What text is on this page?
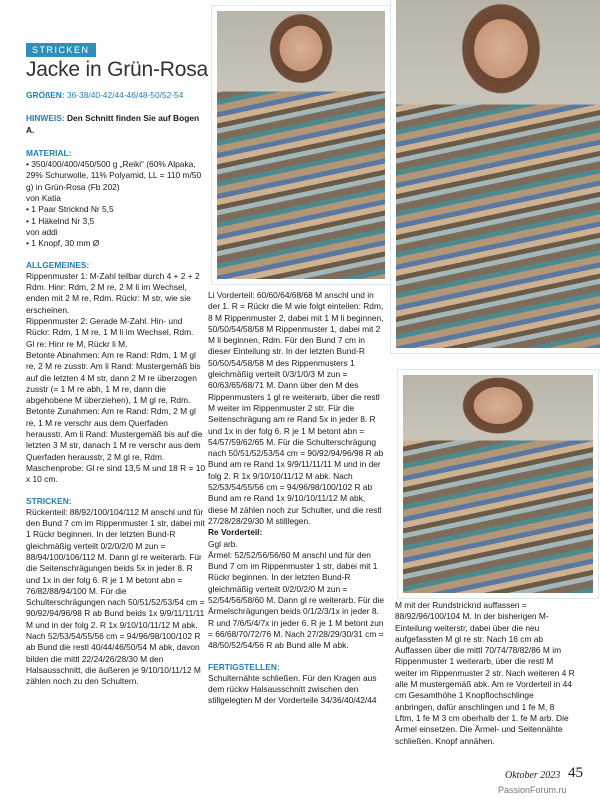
STRICKEN
Jacke in Grün-Rosa

GRÖßEN: 36-38/40-42/44-46/48-50/52-54

HINWEIS: Den Schnitt finden Sie auf Bogen A.

MATERIAL:

• 350/400/400/450/500 g „Reiki“ (60% Alpaka, 29% Schurwolle, 11% Polyamid, LL = 110 m/50 g) in Grün-Rosa (Fb 202)

von Katia

• 1 Paar Stricknd Nr 5,5

• 1 Häkelnd Nr 3,5

von addi

• 1 Knopf, 30 mm Ø

ALLGEMEINES:

Rippenmuster 1: M-Zahl teilbar durch 4 + 2 + 2 Rdm. Hinr: Rdm, 2 M re, 2 M li im Wechsel, enden mit 2 M re, Rdm. Rückr: M str, wie sie erscheinen.

Rippenmuster 2: Gerade M-Zahl. Hin- und Rückr: Rdm, 1 M re, 1 M li im Wechsel, Rdm.

Gl re: Hinr re M, Rückr li M.

Betonte Abnahmen: Am re Rand: Rdm, 1 M gl re, 2 M re zusstr. Am li Rand: Mustergemäß bis auf die letzten 4 M str, dann 2 M re überzogen zusstr (= 1 M re abh, 1 M re, dann die abgehobene M überziehen), 1 M gl re, Rdm.

Betonte Zunahmen: Am re Rand: Rdm, 2 M gl re, 1 M re verschr aus dem Querfaden herausstr. Am li Rand: Mustergemäß bis auf die letzten 3 M str, danach 1 M re verschr aus dem Querfaden herausstr, 2 M gl re, Rdm.

Maschenprobe: Gl re sind 13,5 M und 18 R = 10 x 10 cm.

STRICKEN:

Rückenteil: 88/92/100/104/112 M anschl und für den Bund 7 cm im Rippenmuster 1 str, dabei mit 1 Rückr beginnen. In der letzten Bund-R gleichmäßig verteilt 0/2/0/2/0 M zun = 88/94/100/106/112 M. Dann gl re weiterarb. Für die Seitenschrägungen beids 5x in jeder 8. R und 1x in der folg 6. R je 1 M betont abn = 76/82/88/94/100 M. Für die Schulterschrägungen nach 50/51/52/53/54 cm = 90/92/94/96/98 R ab Bund beids 1x 9/9/11/11/11 M und in der folg 2. R 1x 9/10/10/11/12 M abk. Nach 52/53/54/55/56 cm = 94/96/98/100/102 R ab Bund die restl 40/44/46/50/54 M abk, davon bilden die mittl 22/24/26/28/30 M den Halsausschnitt, die äußeren je 9/10/10/11/12 M zählen noch zu den Schultern.

Li Vorderteil: 60/60/64/68/68 M anschl und in der 1. R = Rückr die M wie folgt einteilen: Rdm, 8 M Rippenmuster 2, dabei mit 1 M li beginnen, 50/50/54/58/58 M Rippenmuster 1, dabei mit 2 M li beginnen, Rdm. Für den Bund 7 cm in dieser Einteilung str. In der letzten Bund-R 50/50/54/58/58 M des Rippenmusters 1 gleichmäßig verteilt 0/3/1/0/3 M zun = 60/63/65/68/71 M. Dann über den M des Rippenmusters 1 gl re weiterarb, über die restl M weiter im Rippenmuster 2 str. Für die Seitenschrägung am re Rand 5x in jeder 8. R und 1x in der folg 6. R je 1 M betont abn = 54/57/59/62/65 M. Für die Schulterschrägung nach 50/51/52/53/54 cm = 90/92/94/96/98 R ab Bund am re Rand 1x 9/9/11/11/11 M und in der folg 2. R 1x 9/10/10/11/12 M abk. Nach 52/53/54/55/56 cm = 94/96/98/100/102 R ab Bund am re Rand 1x 9/10/10/11/12 M abk, diese M zählen noch zur Schulter, und die restl 27/28/28/29/30 M stilllegen.

Re Vorderteil:

Ggl arb.

Ärmel: 52/52/56/56/60 M anschl und für den Bund 7 cm im Rippenmuster 1 str, dabei mit 1 Rückr beginnen. In der letzten Bund-R gleichmäßig verteilt 0/2/0/2/0 M zun = 52/54/56/58/60 M. Dann gl re weiterarb. Für die Ärmelschrägungen beids 0/1/2/3/1x in jeder 8. R und 7/6/5/4/7x in jeder 6. R je 1 M betont zun = 66/68/70/72/76 M. Nach 27/28/29/30/31 cm = 48/50/52/54/56 R ab Bund alle M abk.

FERTIGSTELLEN:

Schulternähte schließen. Für den Kragen aus dem rückw Halsausschnitt zwischen den stillgelegten M der Vorderteile 34/36/40/42/44

M mit der Rundstricknd auffassen = 88/92/96/100/104 M. In der bisherigen M-Einteilung weiterstr, dabei über die neu aufgefassten M gl re str. Nach 16 cm ab Auffassen über die mittl 70/74/78/82/86 M im Rippenmuster 1 weiterarb, über die restl M weiter im Rippenmuster 2 str. Nach weiteren 4 R alle M mustergemäß abk. Am re Vorderteil in 44 cm Gesamthöhe 1 Knopflochschlinge anbringen, dafür anschlingen und 1 fe M, 8 Lftm, 1 fe M 3 cm oberhalb der 1. fe M arb. Die Ärmel einsetzen. Die Ärmel- und Seitennähte schließen. Knopf annähen.

Oktober 2023 45
PassionForum.ru
